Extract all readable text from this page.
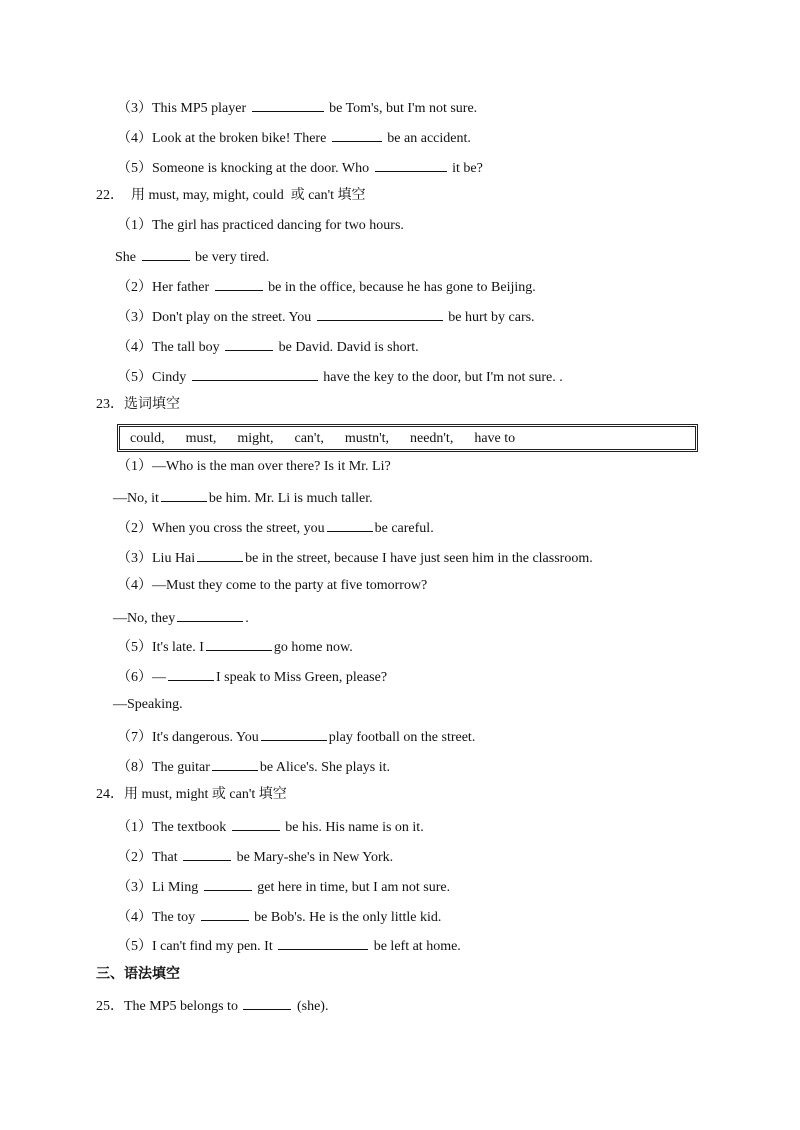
（3）This MP5 player	be Tom's, but I'm not sure.
（4）Look at the broken bike! There	be an accident.
（5）Someone is knocking at the door. Who	it be?
22．  用 must, may, might, could  或 can't 填空
（1）The girl has practiced dancing for two hours.
She	be very tired.
（2）Her father	be in the office, because he has gone to Beijing.
（3）Don't play on the street. You	be hurt by cars.
（4）The tall boy	be David. David is short.
（5）Cindy	have the key to the door, but I'm not sure. .
23．选词填空
could,      must,      might,      can't,      mustn't,      needn't,      have to
（1）—Who is the man over there? Is it Mr. Li?
—No, it	be him. Mr. Li is much taller.
（2）When you cross the street, you	be careful.
（3）Liu Hai	be in the street, because I have just seen him in the classroom.
（4）—Must they come to the party at five tomorrow?
—No, they	.
（5）It's late. I	go home now.
（6）—	I speak to Miss Green, please?
—Speaking.
（7）It's dangerous. You	play football on the street.
（8）The guitar	be Alice's. She plays it.
24．用 must, might 或 can't 填空
（1）The textbook	be his. His name is on it.
（2）That	be Mary-she's in New York.
（3）Li Ming	get here in time, but I am not sure.
（4）The toy	be Bob's. He is the only little kid.
（5）I can't find my pen. It	be left at home.
三、语法填空
25．The MP5 belongs to	(she).
